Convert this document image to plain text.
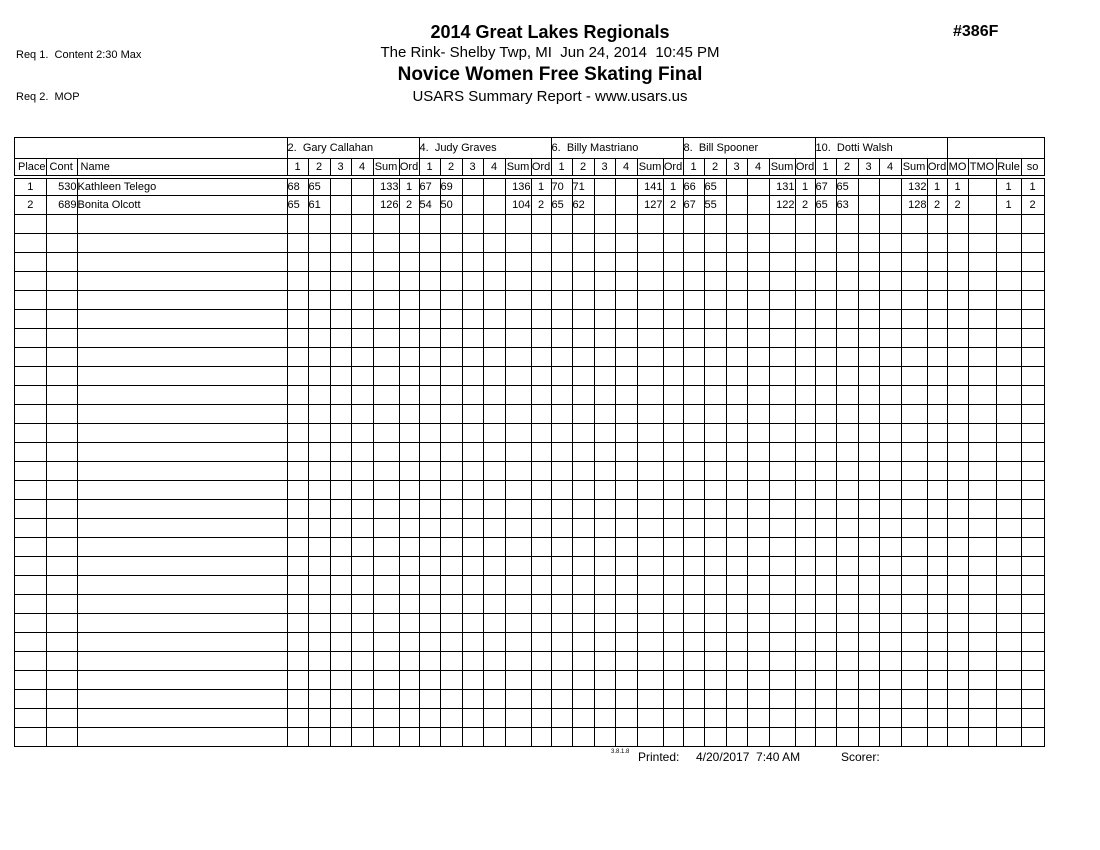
Req 1.  Content 2:30 Max

Req 2.  MOP

#386F
2014 Great Lakes Regionals
The Rink- Shelby Twp, MI  Jun 24, 2014  10:45 PM
Novice Women Free Skating Final
USARS Summary Report - www.usars.us
			2.  Gary Callahan						4.  Judy Graves						6.  Billy Mastriano						8.  Bill Spooner						10.  Dotti Walsh									
Place	Cont	Name	1	2	3	4	Sum	Ord	1	2	3	4	Sum	Ord	1	2	3	4	Sum	Ord	1	2	3	4	Sum	Ord	1	2	3	4	Sum	Ord	MO	TMO	Rule	so
1	530	Kathleen Telego	68	65			133	1	67	69			136	1	70	71			141	1	66	65			131	1	67	65			132	1	1		1	1
2	689	Bonita Olcott	65	61			126	2	54	50			104	2	65	62			127	2	67	55			122	2	65	63			128	2	2		1	2

3.8.1.8 Printed: 4/20/2017  7:40 AM	Scorer:
